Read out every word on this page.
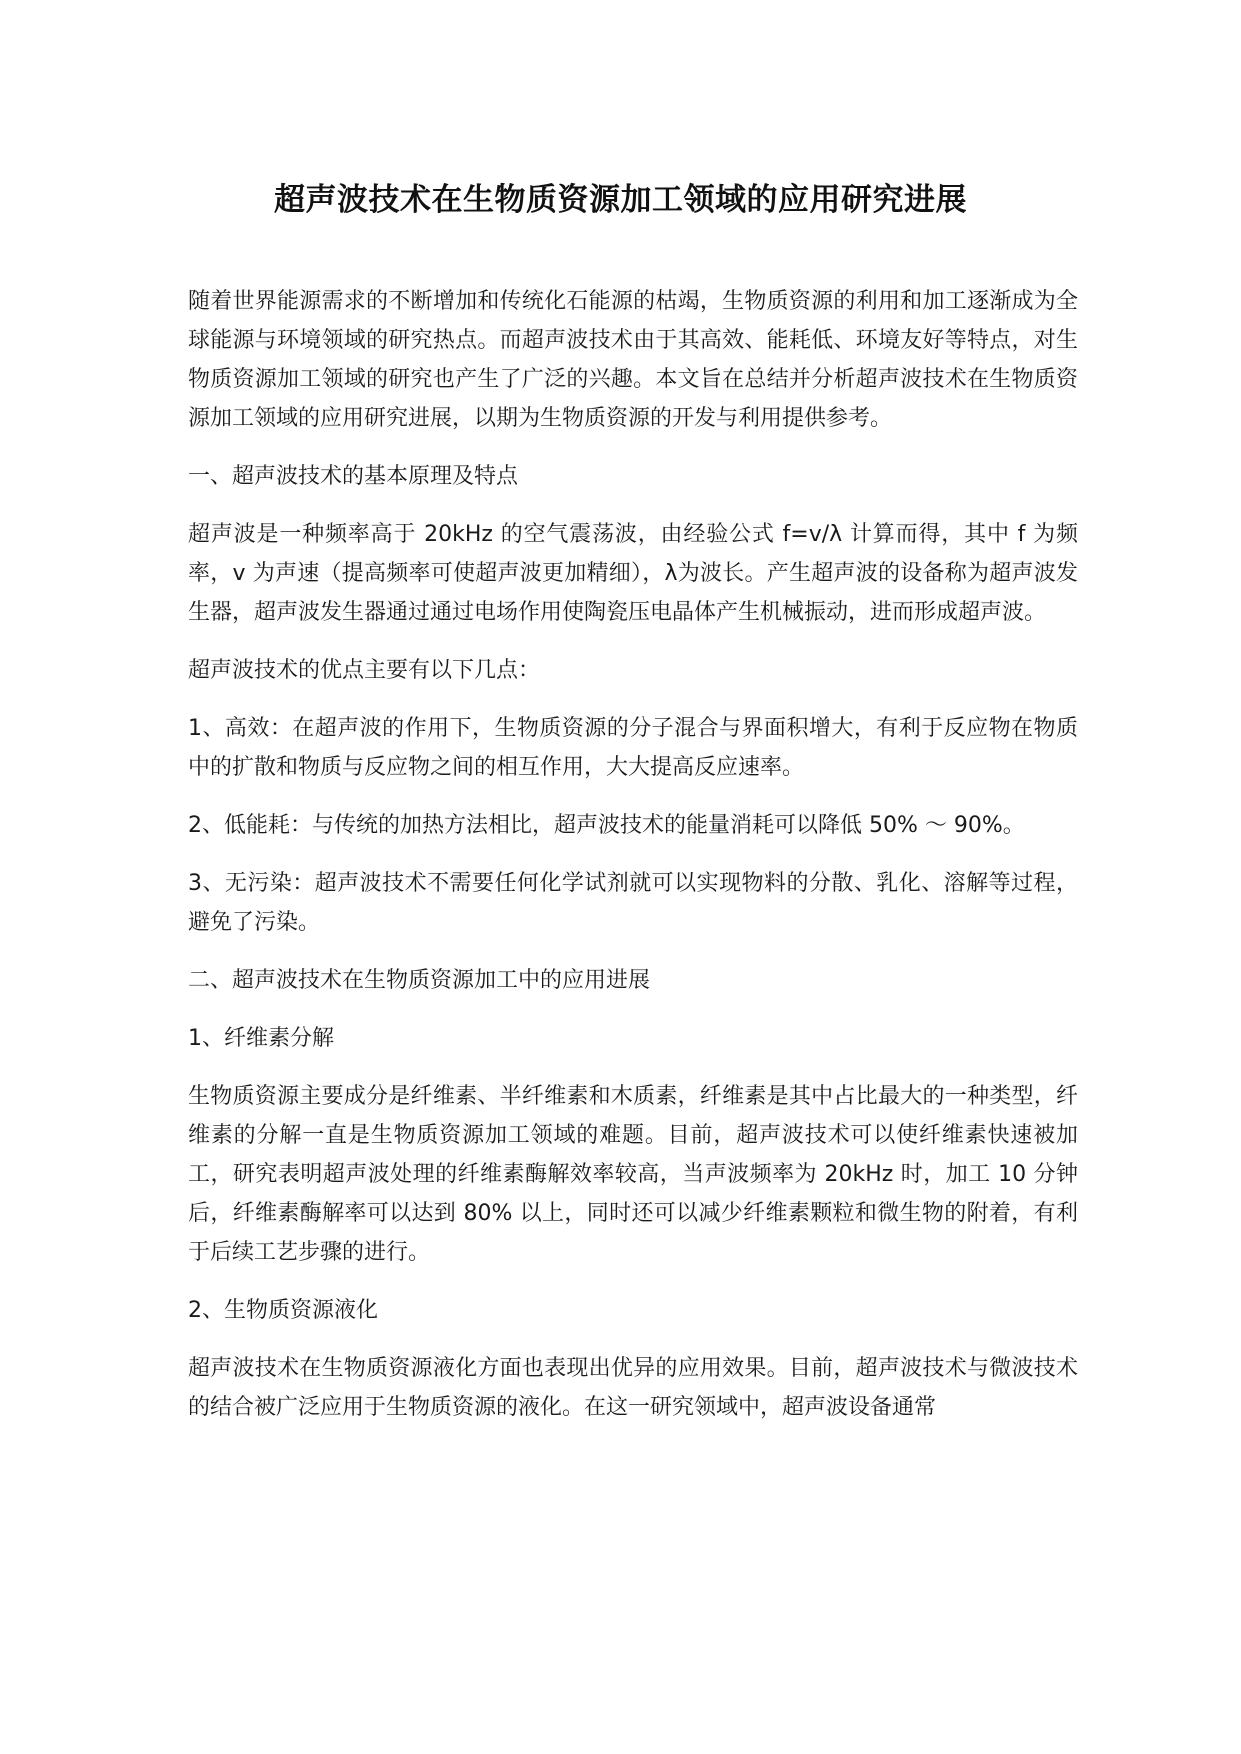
超声波技术在生物质资源加工领域的应用研究进展

随着世界能源需求的不断增加和传统化石能源的枯竭，生物质资源的利用和加工逐渐成为全球能源与环境领域的研究热点。而超声波技术由于其高效、能耗低、环境友好等特点，对生物质资源加工领域的研究也产生了广泛的兴趣。本文旨在总结并分析超声波技术在生物质资源加工领域的应用研究进展，以期为生物质资源的开发与利用提供参考。

一、超声波技术的基本原理及特点

超声波是一种频率高于 20kHz 的空气震荡波，由经验公式 f=v/λ 计算而得，其中 f 为频率，v 为声速（提高频率可使超声波更加精细），λ为波长。产生超声波的设备称为超声波发生器，超声波发生器通过通过电场作用使陶瓷压电晶体产生机械振动，进而形成超声波。

超声波技术的优点主要有以下几点：

1、高效：在超声波的作用下，生物质资源的分子混合与界面积增大，有利于反应物在物质中的扩散和物质与反应物之间的相互作用，大大提高反应速率。

2、低能耗：与传统的加热方法相比，超声波技术的能量消耗可以降低 50% ～ 90%。

3、无污染：超声波技术不需要任何化学试剂就可以实现物料的分散、乳化、溶解等过程，避免了污染。

二、超声波技术在生物质资源加工中的应用进展

1、纤维素分解

生物质资源主要成分是纤维素、半纤维素和木质素，纤维素是其中占比最大的一种类型，纤维素的分解一直是生物质资源加工领域的难题。目前，超声波技术可以使纤维素快速被加工，研究表明超声波处理的纤维素酶解效率较高，当声波频率为 20kHz 时，加工 10 分钟后，纤维素酶解率可以达到 80% 以上，同时还可以减少纤维素颗粒和微生物的附着，有利于后续工艺步骤的进行。

2、生物质资源液化

超声波技术在生物质资源液化方面也表现出优异的应用效果。目前，超声波技术与微波技术的结合被广泛应用于生物质资源的液化。在这一研究领域中，超声波设备通常
